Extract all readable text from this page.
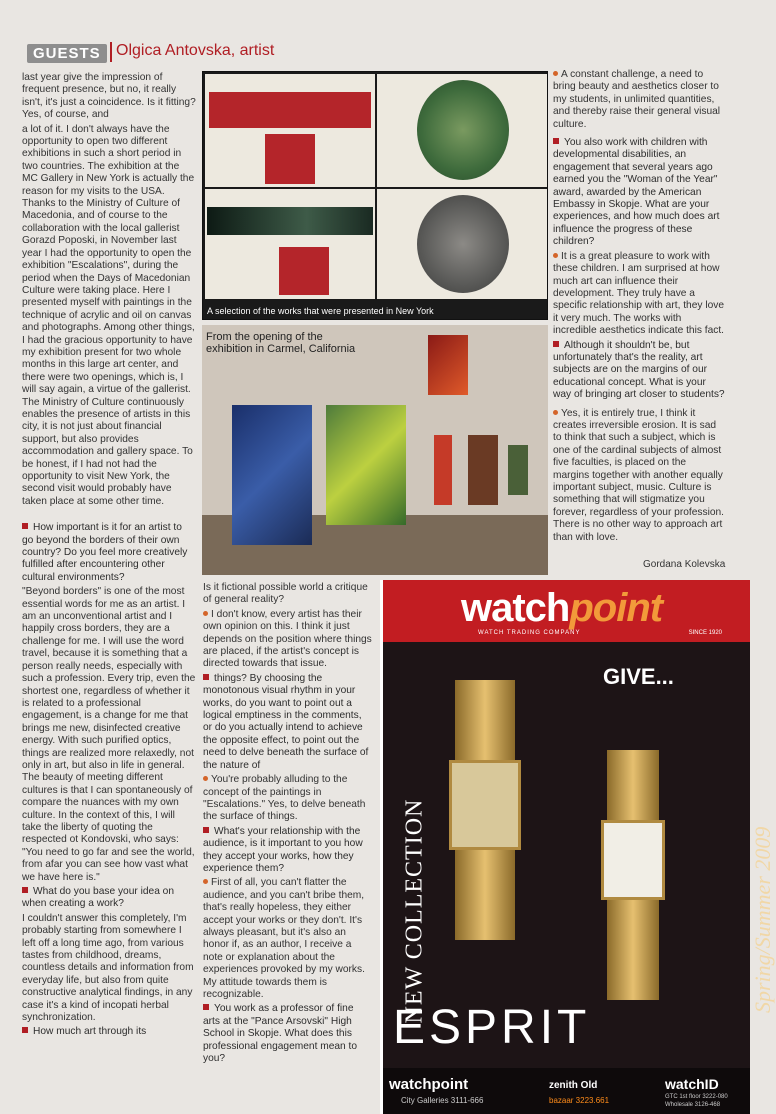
GUESTS Olgica Antovska, artist

last year give the impression of frequent presence, but no, it really isn't, it's just a coincidence. Is it fitting? Yes, of course, and

a lot of it. I don't always have the opportunity to open two different exhibitions in such a short period in two countries. The exhibition at the MC Gallery in New York is actually the reason for my visits to the USA. Thanks to the Ministry of Culture of Macedonia, and of course to the collaboration with the local gallerist Gorazd Poposki, in November last year I had the opportunity to open the exhibition "Escalations", during the period when the Days of Macedonian Culture were taking place. Here I presented myself with paintings in the technique of acrylic and oil on canvas and photographs. Among other things, I had the gracious opportunity to have my exhibition present for two whole months in this large art center, and there were two openings, which is, I will say again, a virtue of the gallerist. The Ministry of Culture continuously enables the presence of artists in this city, it is not just about financial support, but also provides accommodation and gallery space. To be honest, if I had not had the opportunity to visit New York, the second visit would probably have taken place at some other time.

How important is it for an artist to go beyond the borders of their own country? Do you feel more creatively fulfilled after encountering other cultural environments?

"Beyond borders" is one of the most essential words for me as an artist. I am an unconventional artist and I happily cross borders, they are a challenge for me. I will use the word travel, because it is something that a person really needs, especially with such a profession. Every trip, even the shortest one, regardless of whether it is related to a professional engagement, is a change for me that brings me new, disinfected creative energy. With such purified optics, things are realized more relaxedly, not only in art, but also in life in general. The beauty of meeting different cultures is that I can spontaneously of compare the nuances with my own culture. In the context of this, I will take the liberty of quoting the respected ot Kondovski, who says: "You need to go far and see the world, from afar you can see how vast what we have here is."

What do you base your idea on when creating a work?

I couldn't answer this completely, I'm probably starting from somewhere I left off a long time ago, from various tastes from childhood, dreams, countless details and information from everyday life, but also from quite constructive analytical findings, in any case it's a kind of incopati herbal synchronization.

How much art through its

Is it fictional possible world a critique of general reality?

I don't know, every artist has their own opinion on this. I think it just depends on the position where things are placed, if the artist's concept is directed towards that issue.

things? By choosing the monotonous visual rhythm in your works, do you want to point out a logical emptiness in the comments, or do you actually intend to achieve the opposite effect, to point out the need to delve beneath the surface of the nature of

You're probably alluding to the concept of the paintings in "Escalations." Yes, to delve beneath the surface of things.

What's your relationship with the audience, is it important to you how they accept your works, how they experience them?

First of all, you can't flatter the audience, and you can't bribe them, that's really hopeless, they either accept your works or they don't. It's always pleasant, but it's also an honor if, as an author, I receive a note or explanation about the experiences provoked by my works. My attitude towards them is recognizable.

You work as a professor of fine arts at the "Pance Arsovski" High School in Skopje. What does this professional engagement mean to you?

A constant challenge, a need to bring beauty and aesthetics closer to my students, in unlimited quantities, and thereby raise their general visual culture.

You also work with children with developmental disabilities, an engagement that several years ago earned you the "Woman of the Year" award, awarded by the American Embassy in Skopje. What are your experiences, and how much does art influence the progress of these children?

It is a great pleasure to work with these children. I am surprised at how much art can influence their development. They truly have a specific relationship with art, they love it very much. The works with incredible aesthetics indicate this fact.

Although it shouldn't be, but unfortunately that's the reality, art subjects are on the margins of our educational concept. What is your way of bringing art closer to students?

Yes, it is entirely true, I think it creates irreversible erosion. It is sad to think that such a subject, which is one of the cardinal subjects of almost five faculties, is placed on the margins together with another equally important subject, music. Culture is something that will stigmatize you forever, regardless of your profession. There is no other way to approach art than with love.

Gordana Kolevska
A selection of the works that were presented in New York
From the opening of the exhibition in Carmel, California
watchpoint
WATCH TRADING COMPANY	SINCE 1920
GIVE...
NEW COLLECTION	Spring/Summer 2009
ESPRIT
watchpoint
City Galleries 3111-666
zenith Old
bazaar 3223.661
watchID
GTC 1st floor 3222-080
Wholesale 3126-468
